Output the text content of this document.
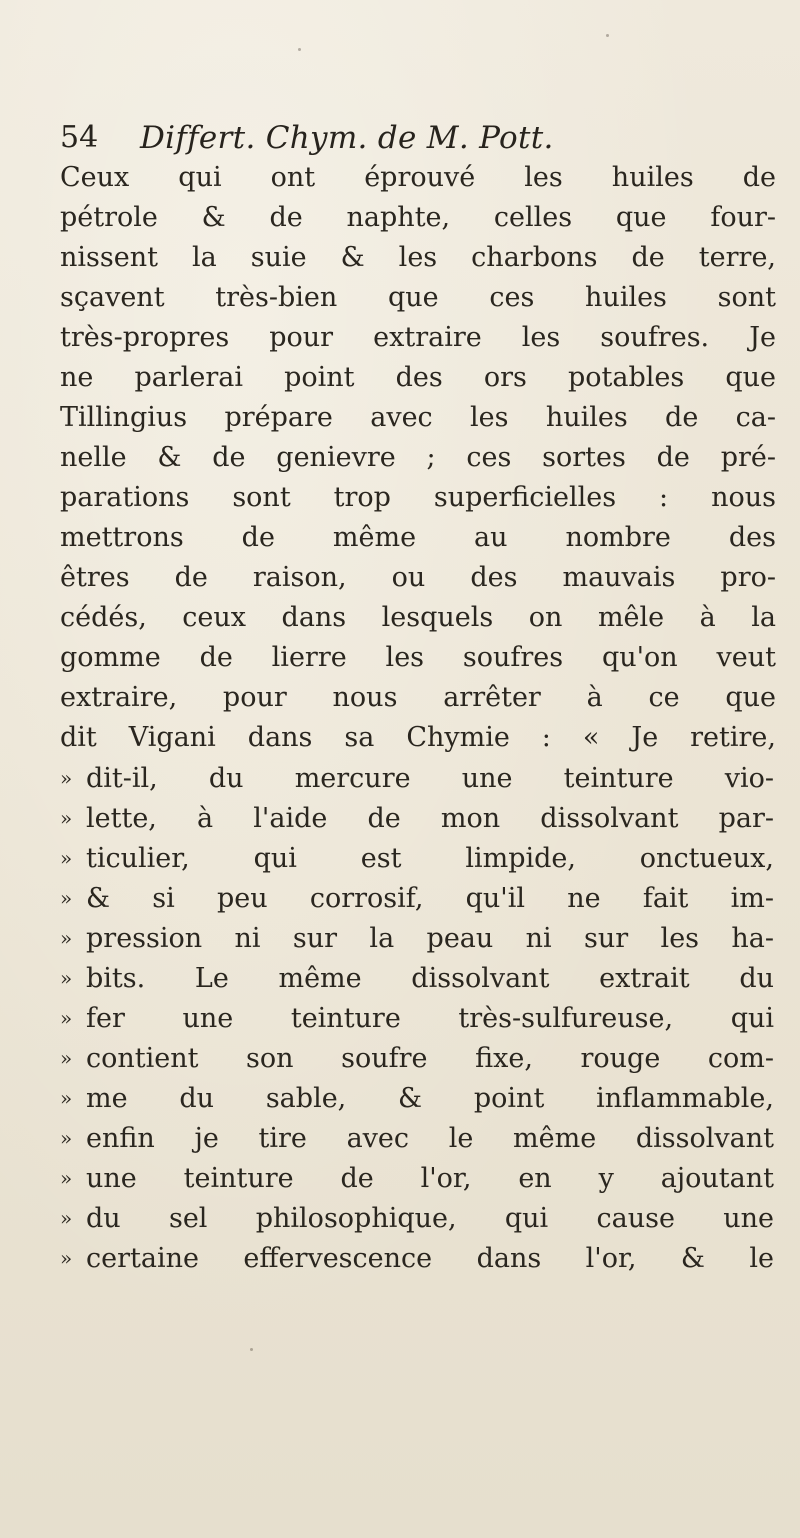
54 Differt. Chym. de M. Pott.
Ceux qui ont éprouvé les huiles de
pétrole & de naphte, celles que four-
nissent la suie & les charbons de terre,
sçavent très-bien que ces huiles sont
très-propres pour extraire les soufres. Je
ne parlerai point des ors potables que
Tillingius prépare avec les huiles de ca-
nelle & de genievre ; ces sortes de pré-
parations sont trop superficielles : nous
mettrons de même au nombre des
êtres de raison, ou des mauvais pro-
cédés, ceux dans lesquels on mêle à la
gomme de lierre les soufres qu'on veut
extraire, pour nous arrêter à ce que
dit Vigani dans sa Chymie : « Je retire,
» dit-il, du mercure une teinture vio-
» lette, à l'aide de mon dissolvant par-
» ticulier, qui est limpide, onctueux,
» & si peu corrosif, qu'il ne fait im-
» pression ni sur la peau ni sur les ha-
» bits. Le même dissolvant extrait du
» fer une teinture très-sulfureuse, qui
» contient son soufre fixe, rouge com-
» me du sable, & point inflammable,
» enfin je tire avec le même dissolvant
» une teinture de l'or, en y ajoutant
» du sel philosophique, qui cause une
» certaine effervescence dans l'or, & le
